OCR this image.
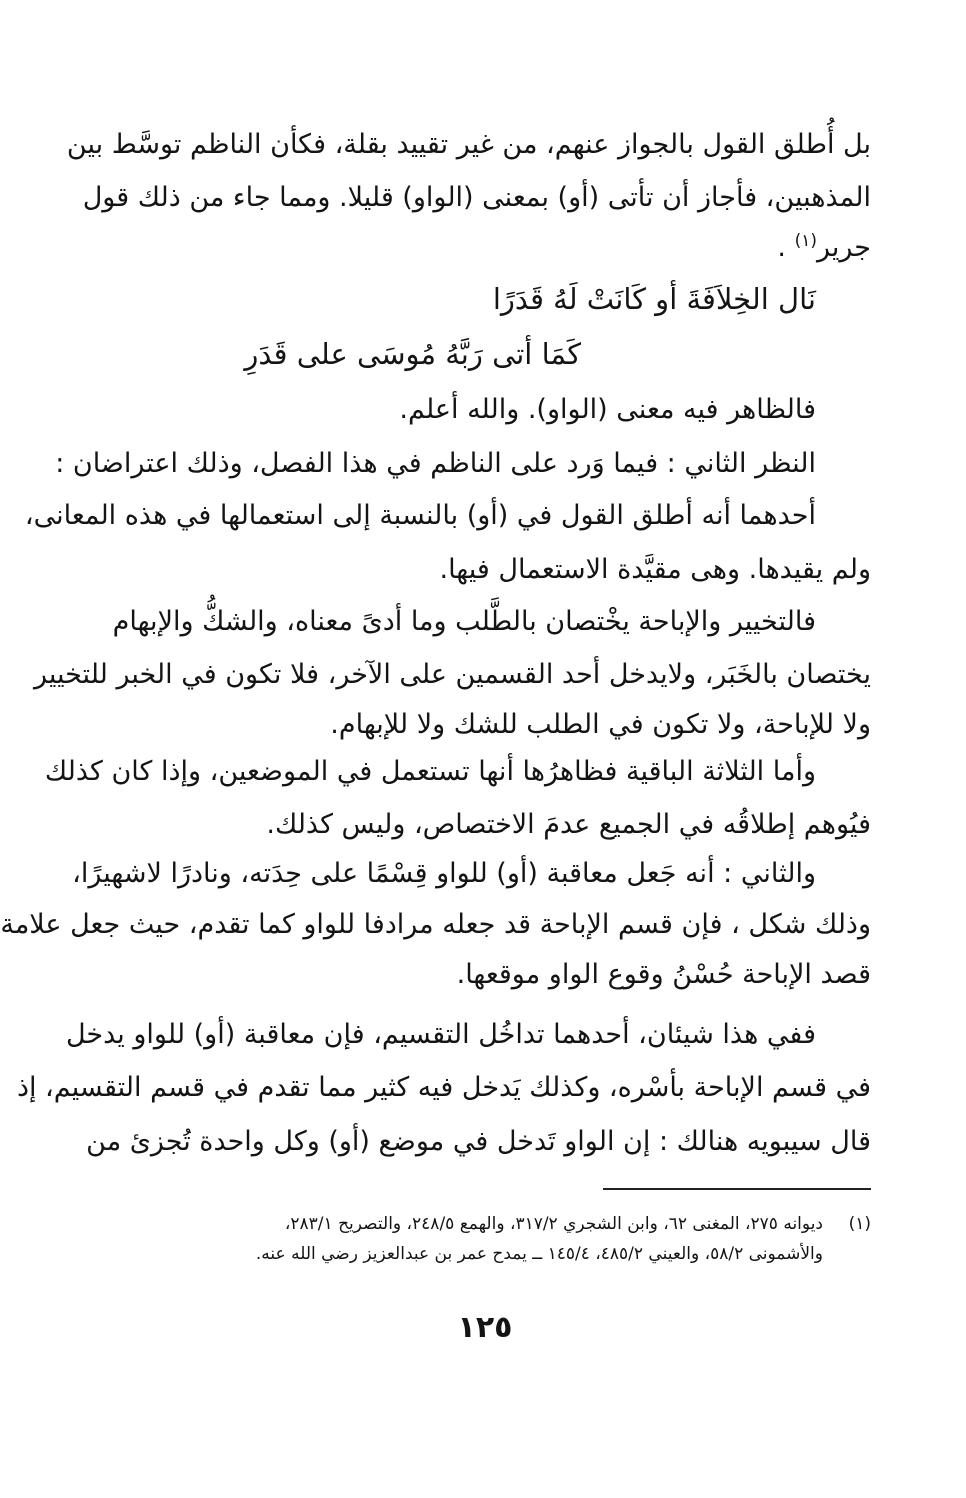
بل أُطلق القول بالجواز عنهم، من غير تقييد بقلة، فكأن الناظم توسَّط بين
المذهبين، فأجاز أن تأتى (أو) بمعنى (الواو) قليلا. ومما جاء من ذلك قول
جرير$^{(١)}$ .
نَال الخِلاَفَةَ أو كَانَتْ لَهُ قَدَرًا
كَمَا أتى رَبَّهُ مُوسَى على قَدَرِ
فالظاهر فيه معنى (الواو). والله أعلم.
النظر الثاني : فيما وَرد على الناظم في هذا الفصل، وذلك اعتراضان :
أحدهما أنه أطلق القول في (أو) بالنسبة إلى استعمالها في هذه المعانى،
ولم يقيدها. وهى مقيَّدة الاستعمال فيها.
فالتخيير والإباحة يخْتصان بالطَّلب وما أدىً معناه، والشكُّ والإبهام
يختصان بالخَبَر، ولايدخل أحد القسمين على الآخر، فلا تكون في الخبر للتخيير
ولا للإباحة، ولا تكون في الطلب للشك ولا للإبهام.
وأما الثلاثة الباقية فظاهرُها أنها تستعمل في الموضعين، وإذا كان كذلك
فيُوهم إطلاقُه في الجميع عدمَ الاختصاص، وليس كذلك.
والثاني : أنه جَعل معاقبة (أو) للواو قِسْمًا على حِدَته، ونادرًا لاشهيرًا،
وذلك شكل ، فإن قسم الإباحة قد جعله مرادفا للواو كما تقدم، حيث جعل علامة
قصد الإباحة حُسْنُ وقوع الواو موقعها.
ففي هذا شيئان، أحدهما تداخُل التقسيم، فإن معاقبة (أو) للواو يدخل
في قسم الإباحة بأسْره، وكذلك يَدخل فيه كثير مما تقدم في قسم التقسيم، إذ
قال سيبويه هنالك : إن الواو تَدخل في موضع (أو) وكل واحدة تُجزئ من
(١)ديوانه ٢٧٥، المغنى ٦٢، وابن الشجري ٣١٧/٢، والهمع ٢٤٨/٥، والتصريح ٢٨٣/١،
والأشمونى ٥٨/٢، والعيني ٤٨٥/٢، ١٤٥/٤ ــ يمدح عمر بن عبدالعزيز رضي الله عنه.
١٢٥
